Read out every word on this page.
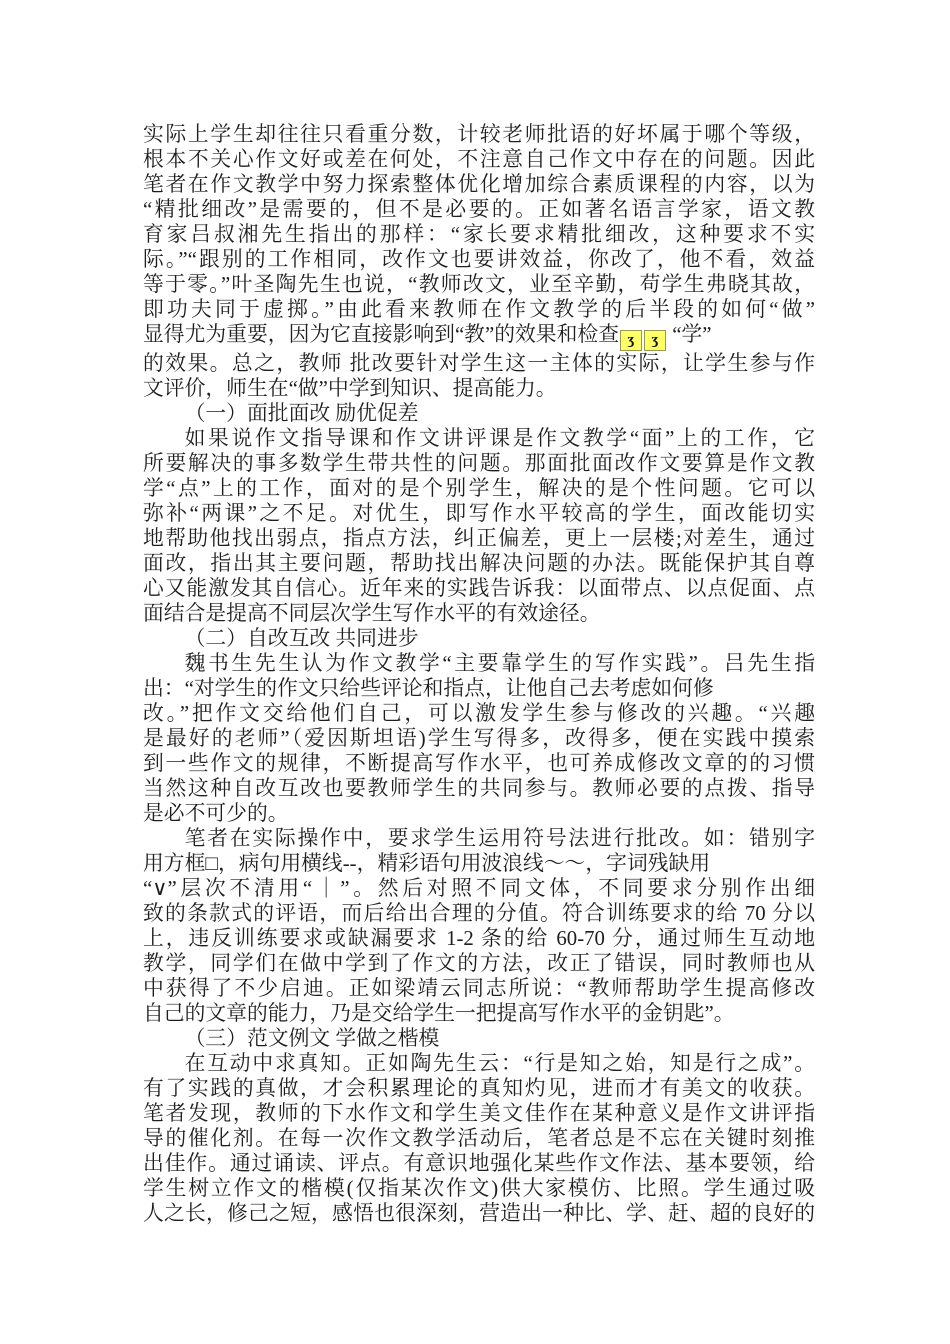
实际上学生却往往只看重分数，计较老师批语的好坏属于哪个等级，
根本不关心作文好或差在何处，不注意自己作文中存在的问题。因此
笔者在作文教学中努力探索整体优化增加综合素质课程的内容，以为
“精批细改”是需要的，但不是必要的。正如著名语言学家，语文教
育家吕叔湘先生指出的那样：“家长要求精批细改，这种要求不实
际。”“跟别的工作相同，改作文也要讲效益，你改了，他不看，效益
等于零。”叶圣陶先生也说，“教师改文，业至辛勤，苟学生弗晓其故，
即功夫同于虚掷。”由此看来教师在作文教学的后半段的如何“做”
显得尤为重要，因为它直接影响到“教”的效果和检查 ʒ ʒ “学”
的效果。总之，教师 批改要针对学生这一主体的实际，让学生参与作
文评价，师生在“做”中学到知识、提高能力。
（一）面批面改 励优促差
如果说作文指导课和作文讲评课是作文教学“面”上的工作，它
所要解决的事多数学生带共性的问题。那面批面改作文要算是作文教
学“点”上的工作，面对的是个别学生，解决的是个性问题。它可以
弥补“两课”之不足。对优生，即写作水平较高的学生，面改能切实
地帮助他找出弱点，指点方法，纠正偏差，更上一层楼;对差生，通过
面改，指出其主要问题，帮助找出解决问题的办法。既能保护其自尊
心又能激发其自信心。近年来的实践告诉我：以面带点、以点促面、点
面结合是提高不同层次学生写作水平的有效途径。
（二）自改互改 共同进步
魏书生先生认为作文教学“主要靠学生的写作实践”。吕先生指
出：“对学生的作文只给些评论和指点，让他自己去考虑如何修
改。”把作文交给他们自己，可以激发学生参与修改的兴趣。“兴趣
是最好的老师”（爱因斯坦语)学生写得多，改得多，便在实践中摸索
到一些作文的规律，不断提高写作水平，也可养成修改文章的的习惯
当然这种自改互改也要教师学生的共同参与。教师必要的点拨、指导
是必不可少的。
笔者在实际操作中，要求学生运用符号法进行批改。如：错别字
用方框□，病句用横线--，精彩语句用波浪线～～，字词残缺用
“∨”层次不清用“｜”。然后对照不同文体，不同要求分别作出细
致的条款式的评语，而后给出合理的分值。符合训练要求的给 70 分以
上，违反训练要求或缺漏要求 1-2 条的给 60-70 分，通过师生互动地
教学，同学们在做中学到了作文的方法，改正了错误，同时教师也从
中获得了不少启迪。正如梁靖云同志所说：“教师帮助学生提高修改
自己的文章的能力，乃是交给学生一把提高写作水平的金钥匙”。
（三）范文例文 学做之楷模
在互动中求真知。正如陶先生云：“行是知之始，知是行之成”。
有了实践的真做，才会积累理论的真知灼见，进而才有美文的收获。
笔者发现，教师的下水作文和学生美文佳作在某种意义是作文讲评指
导的催化剂。在每一次作文教学活动后，笔者总是不忘在关键时刻推
出佳作。通过诵读、评点。有意识地强化某些作文作法、基本要领，给
学生树立作文的楷模(仅指某次作文)供大家模仿、比照。学生通过吸
人之长，修己之短，感悟也很深刻，营造出一种比、学、赶、超的良好的
